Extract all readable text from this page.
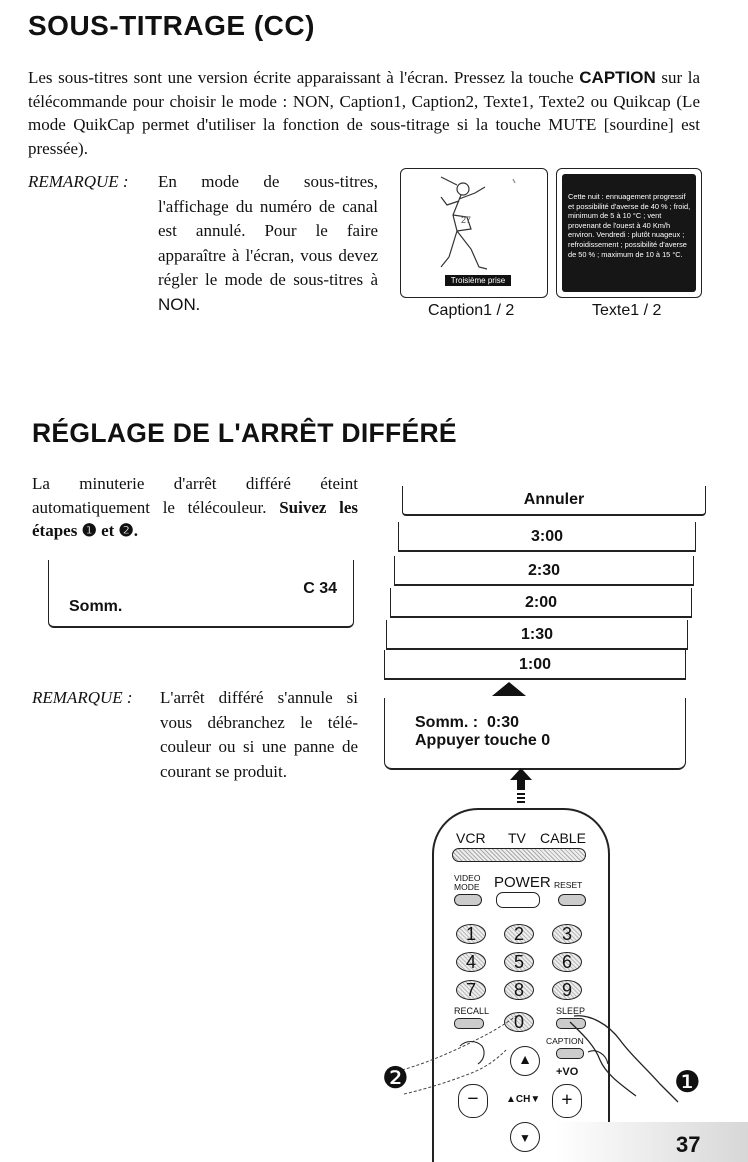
SOUS-TITRAGE (CC)
Les sous-titres sont une version écrite apparaissant à l'écran. Pressez la touche CAPTION sur la télécommande pour choisir le mode : NON, Caption1, Caption2, Texte1, Texte2 ou Quikcap (Le mode QuikCap permet d'utiliser la fonction de sous-titrage si la touche MUTE [sourdine] est pressée).
REMARQUE : En mode de sous-titres, l'affichage du numéro de canal est annulé. Pour le faire apparaître à l'écran, vous devez régler le mode de sous-titres à NON.
27
Troisième prise
Caption1 / 2
Cette nuit : ennuagement progressif et possibilité d'averse de 40 % ; froid, minimum de 5 à 10 °C ; vent provenant de l'ouest à 40 Km/h environ. Vendredi : plutôt nuageux ; refroidissement ; possibilité d'averse de 50 % ; maximum de 10 à 15 °C.
Texte1 / 2
RÉGLAGE DE L'ARRÊT DIFFÉRÉ
La minuterie d'arrêt différé éteint automatiquement le télécouleur. Suivez les étapes ❶ et ❷.
C 34
Somm.
REMARQUE : L'arrêt différé s'annule si vous débranchez le télé-couleur ou si une panne de courant se produit.
Annuler
3:00
2:30
2:00
1:30
1:00
Somm. :  0:30
Appuyer touche 0
VCR TV CABLE
VIDEO MODE POWER RESET
1	2	3
4	5	6
7	8	9
RECALL	SLEEP
0
CAPTION
▲
+VO
−	▲CH▼	+
▼
❷	❶
37
